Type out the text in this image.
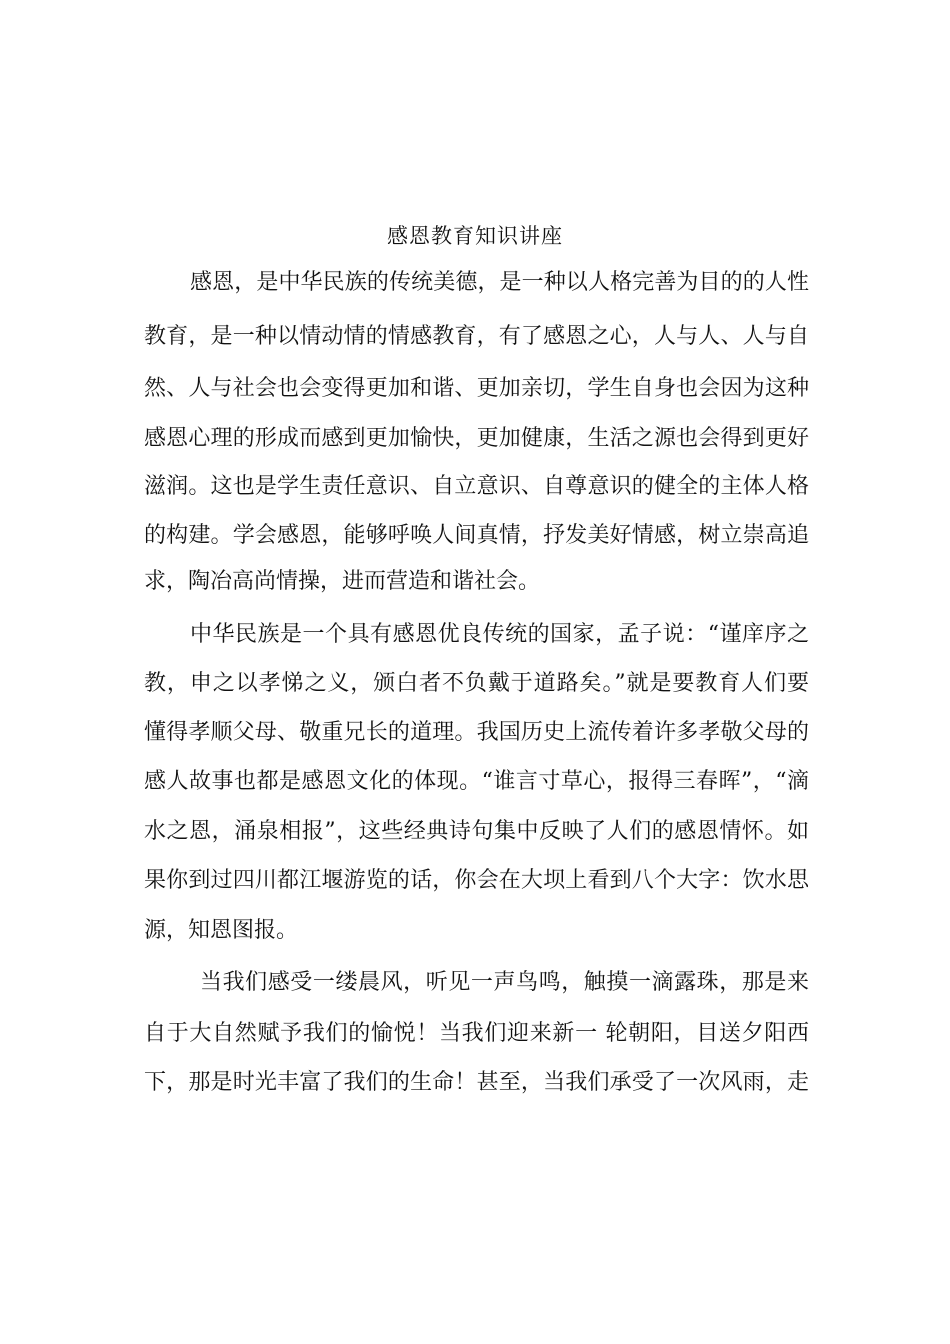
感恩教育知识讲座
感恩，是中华民族的传统美德，是一种以人格完善为目的的人性
教育，是一种以情动情的情感教育，有了感恩之心，人与人、人与自
然、人与社会也会变得更加和谐、更加亲切，学生自身也会因为这种
感恩心理的形成而感到更加愉快，更加健康，生活之源也会得到更好
滋润。这也是学生责任意识、自立意识、自尊意识的健全的主体人格
的构建。学会感恩，能够呼唤人间真情，抒发美好情感，树立崇高追
求，陶冶高尚情操，进而营造和谐社会。
中华民族是一个具有感恩优良传统的国家，孟子说：“谨庠序之
教，申之以孝悌之义，颁白者不负戴于道路矣。”就是要教育人们要
懂得孝顺父母、敬重兄长的道理。我国历史上流传着许多孝敬父母的
感人故事也都是感恩文化的体现。“谁言寸草心，报得三春晖”，“滴
水之恩，涌泉相报”，这些经典诗句集中反映了人们的感恩情怀。如
果你到过四川都江堰游览的话，你会在大坝上看到八个大字：饮水思
源，知恩图报。
当我们感受一缕晨风，听见一声鸟鸣，触摸一滴露珠，那是来
自于大自然赋予我们的愉悦！当我们迎来新一 轮朝阳，目送夕阳西
下，那是时光丰富了我们的生命！甚至，当我们承受了一次风雨，走
